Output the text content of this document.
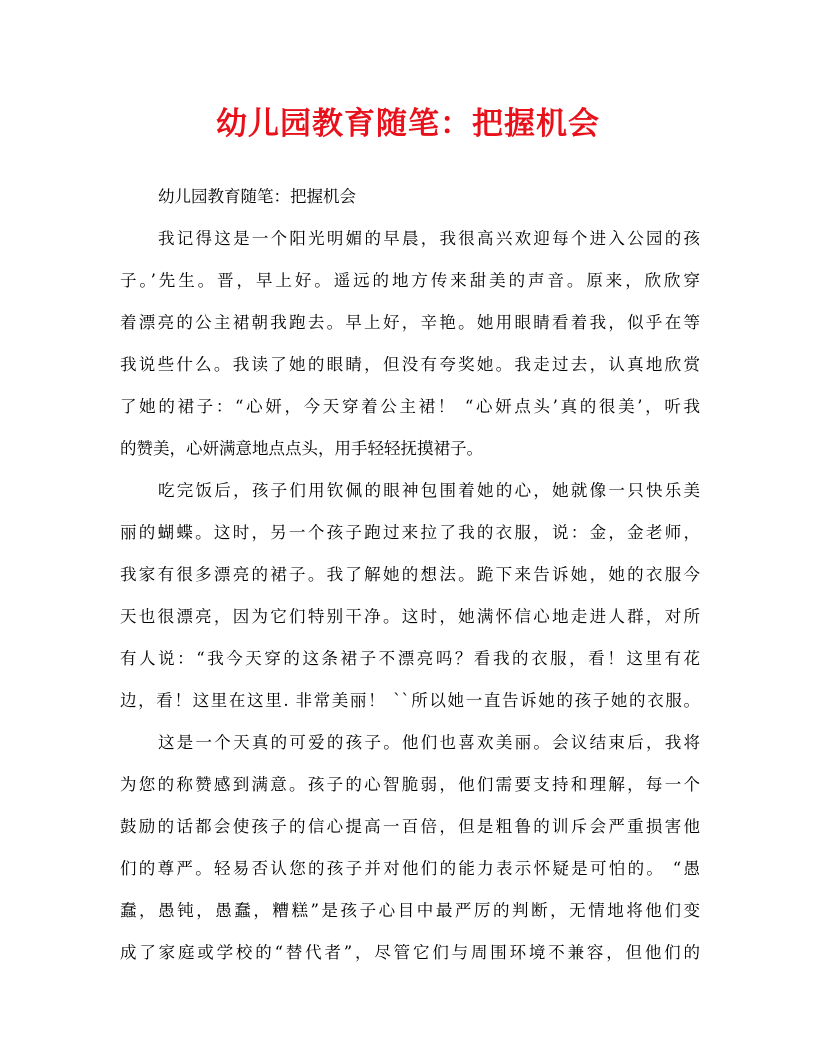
幼儿园教育随笔：把握机会
幼儿园教育随笔：把握机会
我记得这是一个阳光明媚的早晨，我很高兴欢迎每个进入公园的孩
子。’先生。晋，早上好。遥远的地方传来甜美的声音。原来，欣欣穿
着漂亮的公主裙朝我跑去。早上好，辛艳。她用眼睛看着我，似乎在等
我说些什么。我读了她的眼睛，但没有夸奖她。我走过去，认真地欣赏
了她的裙子：“心妍，今天穿着公主裙！ “心妍点头’真的很美’，听我
的赞美，心妍满意地点点头，用手轻轻抚摸裙子。
吃完饭后，孩子们用钦佩的眼神包围着她的心，她就像一只快乐美
丽的蝴蝶。这时，另一个孩子跑过来拉了我的衣服，说：金，金老师，
我家有很多漂亮的裙子。我了解她的想法。跪下来告诉她，她的衣服今
天也很漂亮，因为它们特别干净。这时，她满怀信心地走进人群，对所
有人说：“我今天穿的这条裙子不漂亮吗？看我的衣服，看！这里有花
边，看！这里在这里. 非常美丽！ ``所以她一直告诉她的孩子她的衣服。
这是一个天真的可爱的孩子。他们也喜欢美丽。会议结束后，我将
为您的称赞感到满意。孩子的心智脆弱，他们需要支持和理解，每一个
鼓励的话都会使孩子的信心提高一百倍，但是粗鲁的训斥会严重损害他
们的尊严。轻易否认您的孩子并对他们的能力表示怀疑是可怕的。 “愚
蠢，愚钝，愚蠢，糟糕”是孩子心目中最严厉的判断，无情地将他们变
成了家庭或学校的“替代者”，尽管它们与周围环境不兼容，但他们的
